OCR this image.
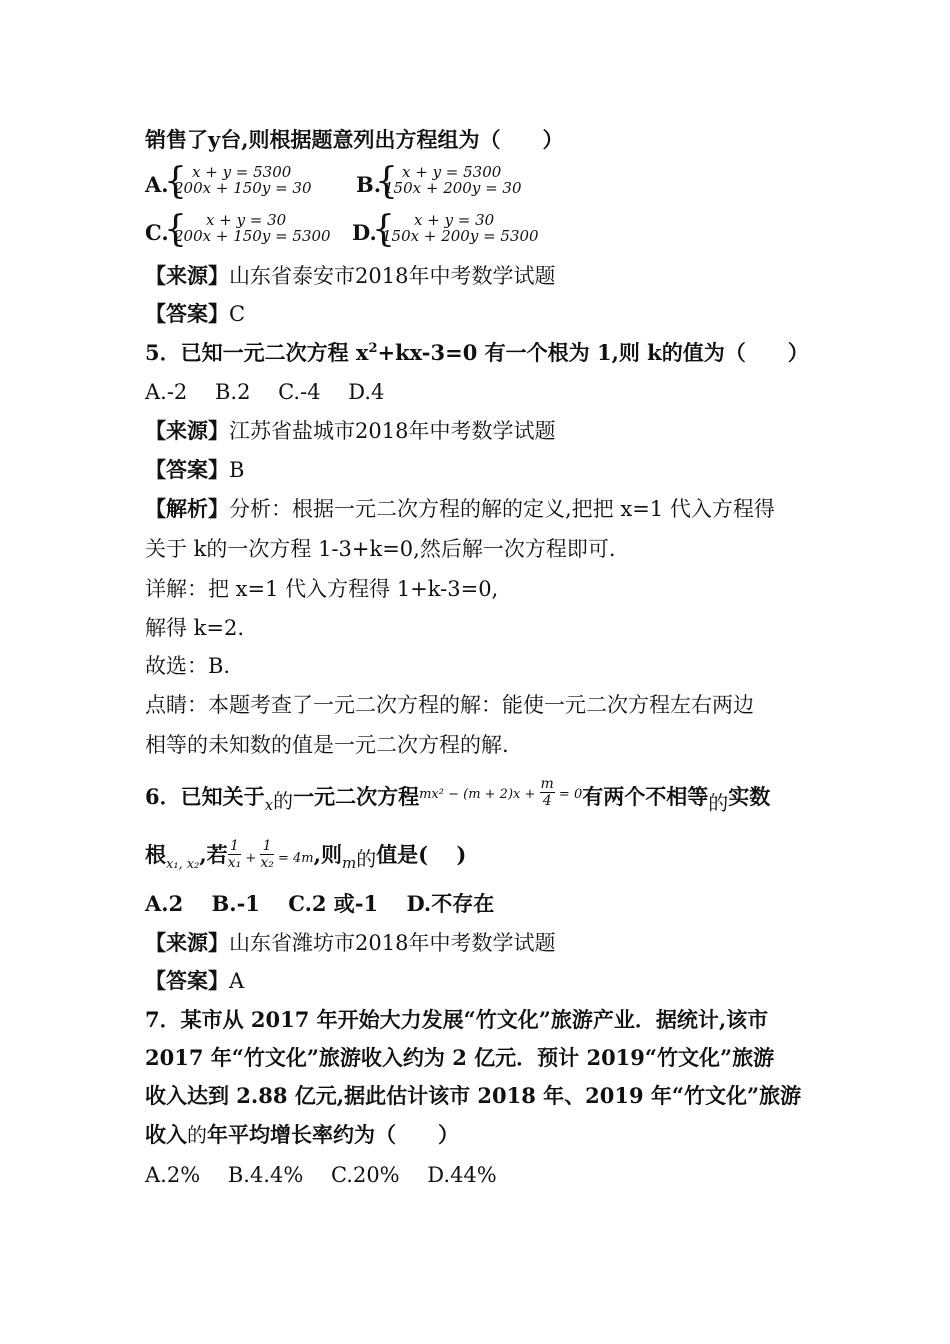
销售了y台,则根据题意列出方程组为（　　）
A.
{ x + y = 5300
200x + 150y = 30 B.
{ x + y = 5300
150x + 200y = 30
C.
{ x + y = 30
200x + 150y = 5300 D.
{ x + y = 30
150x + 200y = 5300
【来源】山东省泰安市2018年中考数学试题
【答案】C
5．已知一元二次方程 $x^2+kx-3=0$ 有一个根为 1,则 k的值为（　　）
A.-2　 B.2　 C.-4　 D.4
【来源】江苏省盐城市2018年中考数学试题
【答案】B
【解析】分析：根据一元二次方程的解的定义,把把 x=1 代入方程得
关于 k的一次方程 1-3+k=0,然后解一次方程即可.
详解：把 x=1 代入方程得 1+k-3=0,
解得 k=2.
故选：B.
点睛：本题考查了一元二次方程的解：能使一元二次方程左右两边
相等的未知数的值是一元二次方程的解.
6．已知关于$_x$的一元二次方程$^{mx^2 - (m + 2)x +} \frac{m}{4} ^{= 0}$有两个不相等的实数
根$_{x_1, x_2}$,若 $\frac{1}{\text{x₁}} + \frac{1}{\text{x₂}} = 4m$,则$_m$的值是(　 )
A.2　 B.-1　 C.2 或-1　 D.不存在
【来源】山东省潍坊市2018年中考数学试题
【答案】A
7．某市从 2017 年开始大力发展“竹文化”旅游产业．据统计,该市
2017 年“竹文化”旅游收入约为 2 亿元．预计 2019“竹文化”旅游
收入达到 2.88 亿元,据此估计该市 2018 年、2019 年“竹文化”旅游
收入的年平均增长率约为（　　）
A.2%　 B.4.4%　 C.20%　 D.44%
